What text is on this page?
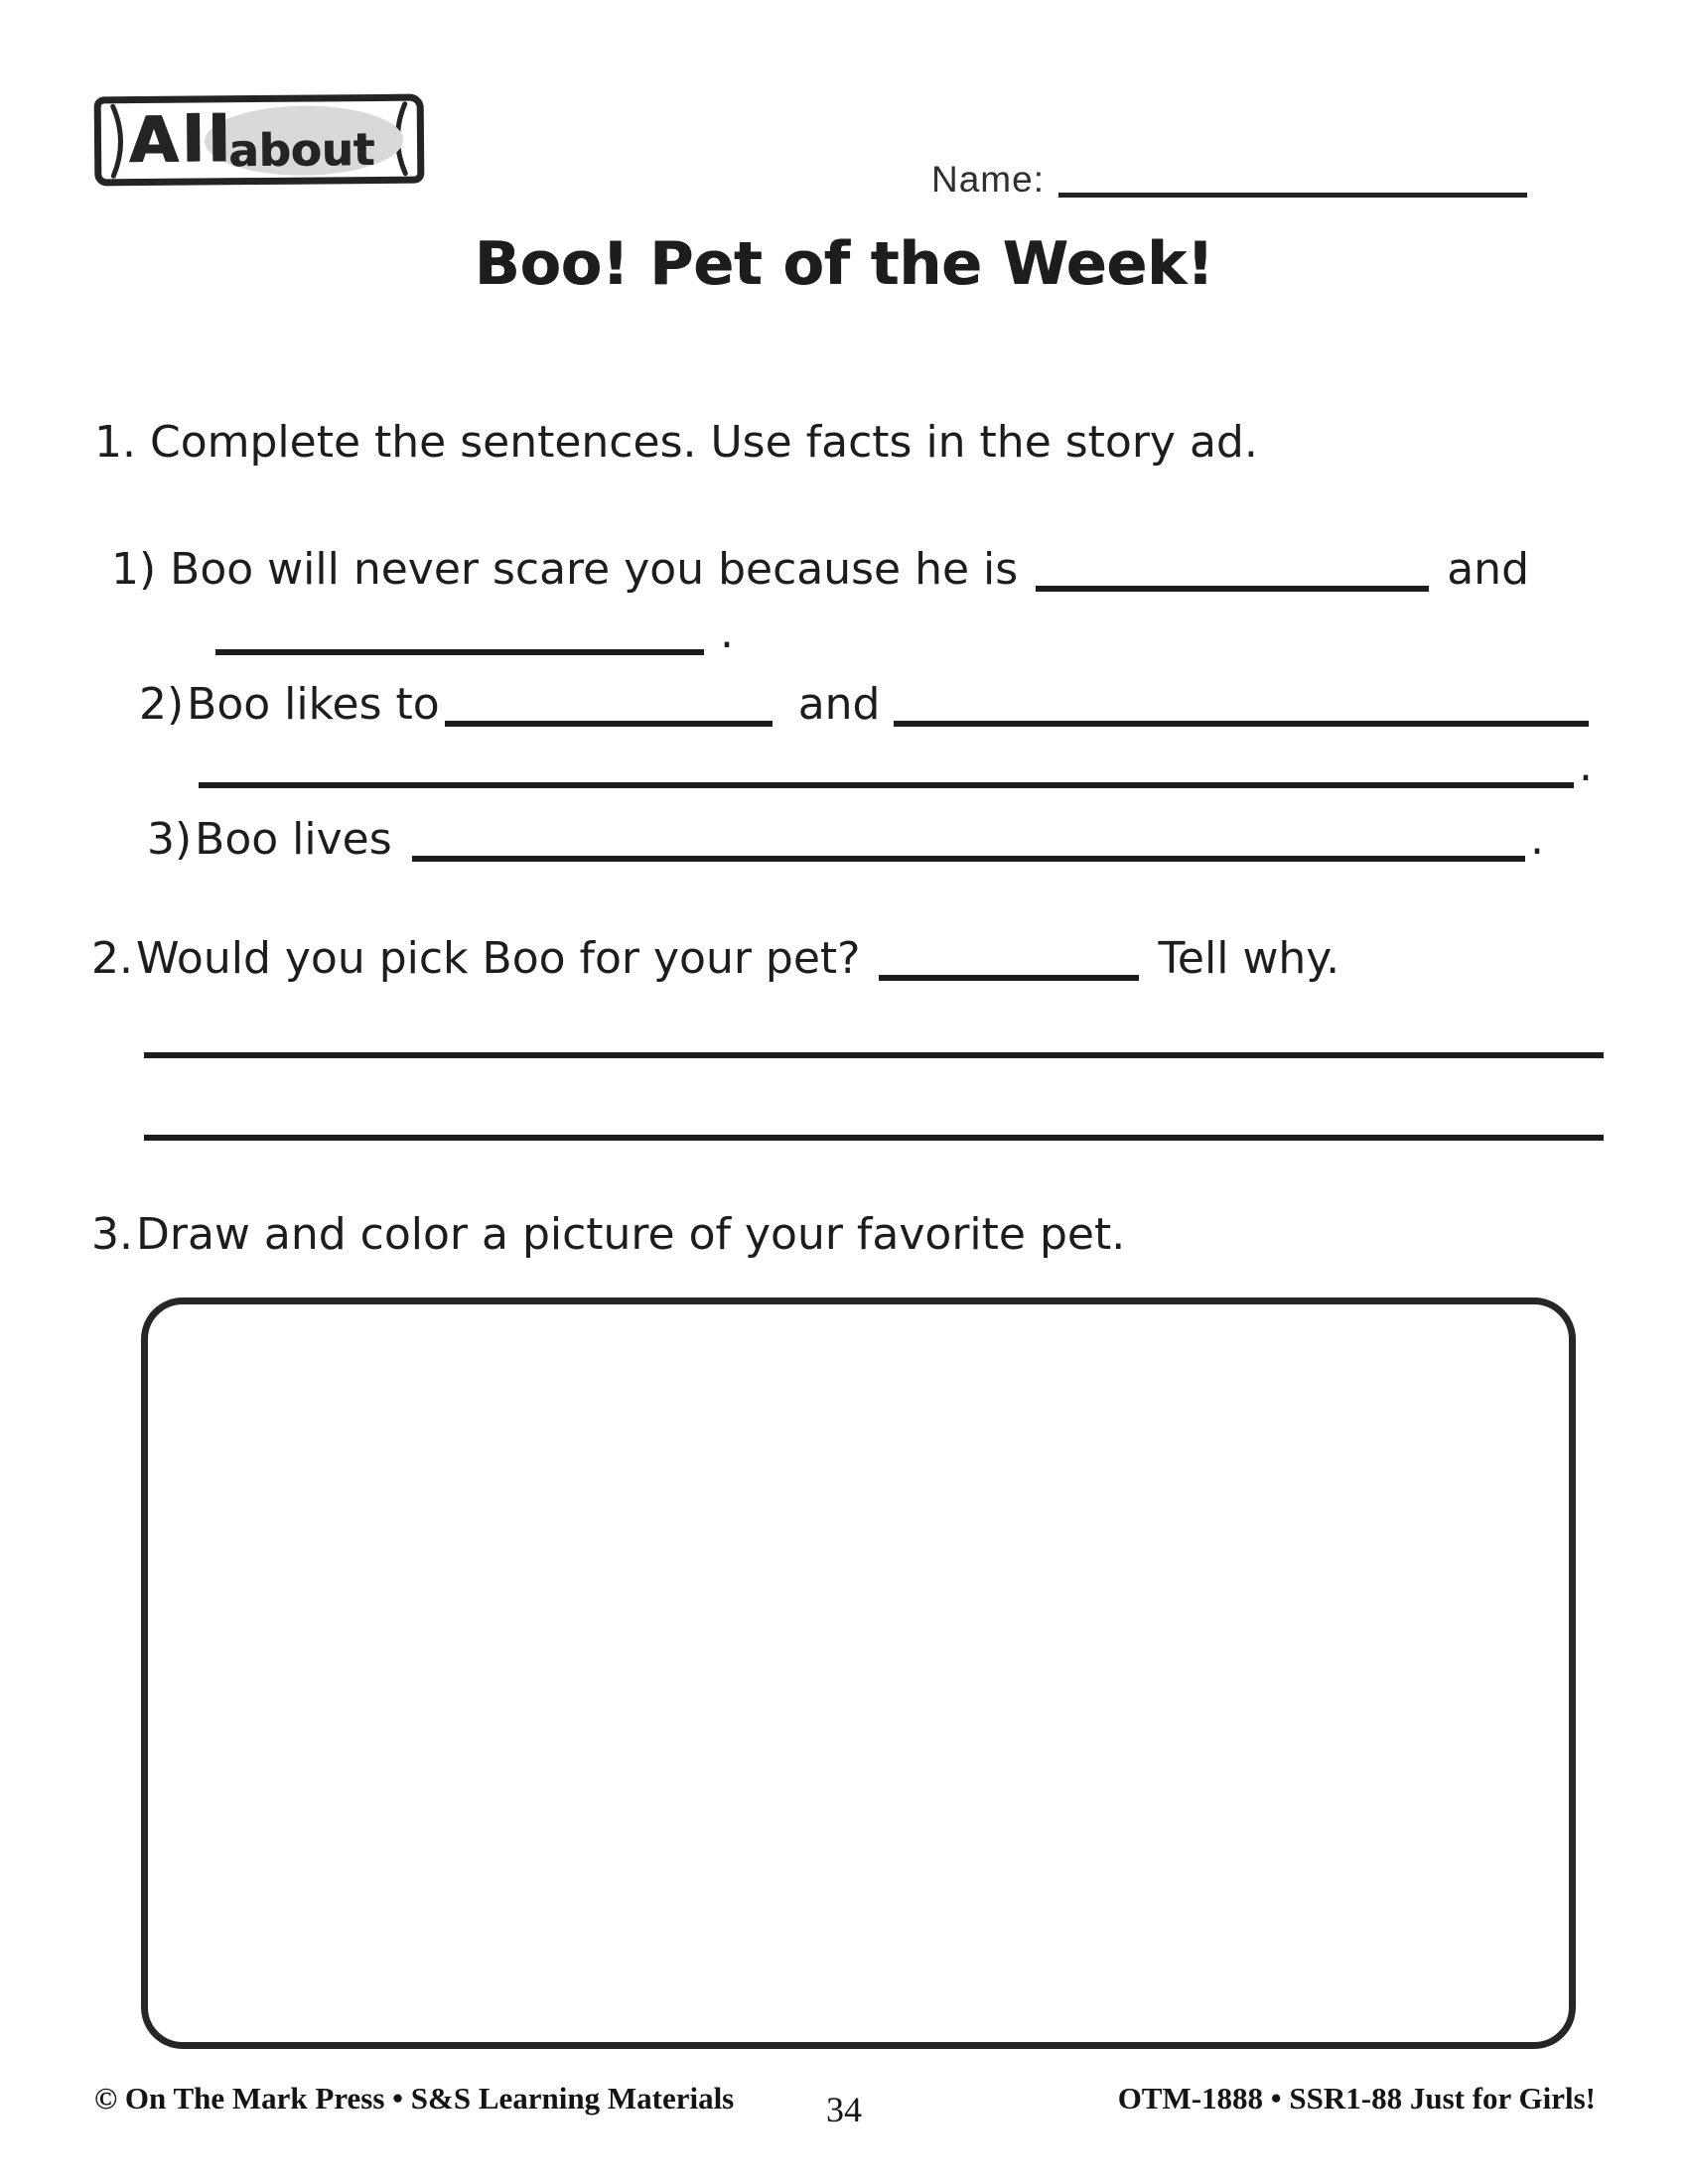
All
about
Name:
Boo! Pet of the Week!
1. Complete the sentences. Use facts in the story ad.
1) Boo will never scare you because he is	and
.
2) Boo likes to	and
.
3) Boo lives	.
2. Would you pick Boo for your pet?	Tell why.
3. Draw and color a picture of your favorite pet.
© On The Mark Press • S&S Learning Materials	34	OTM-1888 • SSR1-88 Just for Girls!
